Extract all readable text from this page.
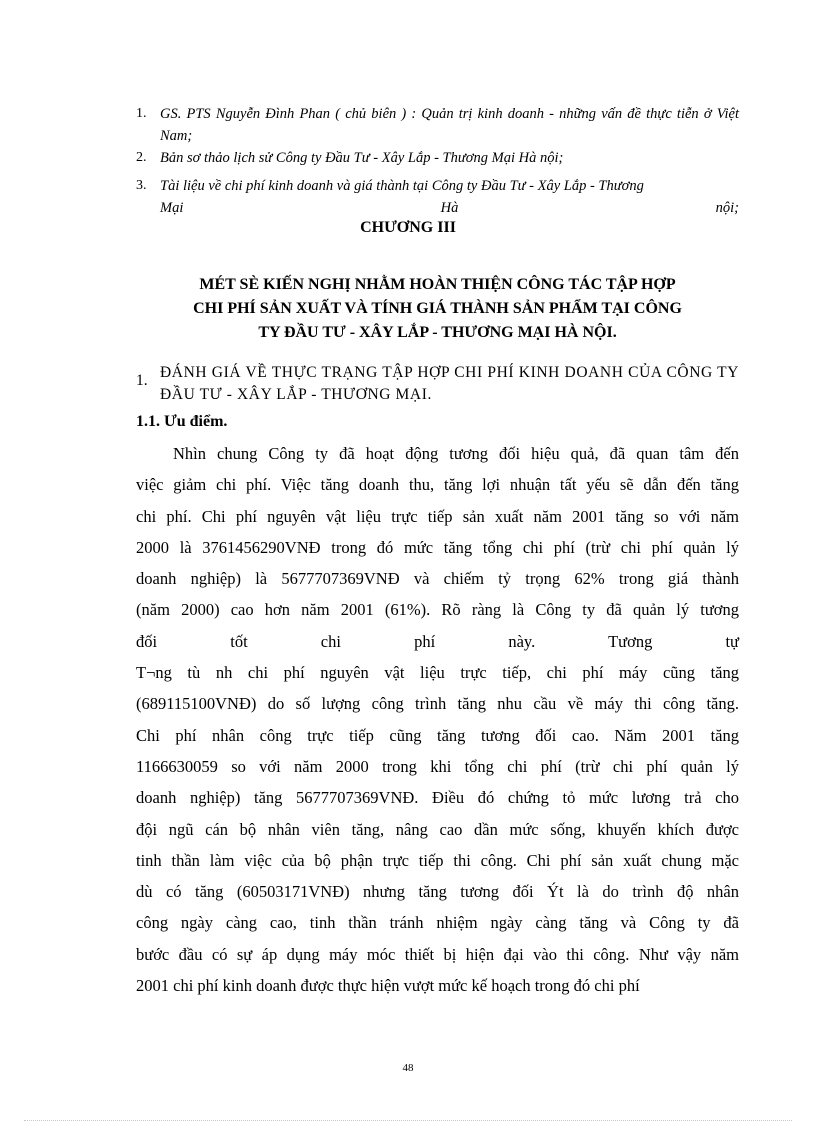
1. GS. PTS Nguyễn Đình Phan ( chủ biên ) : Quản trị kinh doanh - những vấn đề thực tiễn ở Việt Nam;
2. Bản sơ thảo lịch sử Công ty Đầu Tư - Xây Lắp - Thương Mại Hà nội;
3. Tài liệu về chi phí kinh doanh và giá thành tại Công ty Đầu Tư - Xây Lắp - Thương
Mại Hà nội;
CHƯƠNG III
MÉT SÈ KIẾN NGHỊ NHẰM HOÀN THIỆN CÔNG TÁC TẬP HỢP
CHI PHÍ SẢN XUẤT VÀ TÍNH GIÁ THÀNH SẢN PHẨM TẠI CÔNG
TY ĐẦU TƯ - XÂY LẮP - THƯƠNG MẠI HÀ NỘI.
1. ĐÁNH GIÁ VỀ THỰC TRẠNG TẬP HỢP CHI PHÍ KINH DOANH CỦA CÔNG TY ĐẦU TƯ - XÂY LẮP - THƯƠNG MẠI.
1.1. Ưu điểm.
Nhìn chung Công ty đã hoạt động tương đối hiệu quả, đã quan tâm đến
việc giảm chi phí. Việc tăng doanh thu, tăng lợi nhuận tất yếu sẽ dẫn đến tăng
chi phí. Chi phí nguyên vật liệu trực tiếp sản xuất năm 2001 tăng so với năm
2000 là 3761456290VNĐ trong đó mức tăng tổng chi phí (trừ chi phí quản lý
doanh nghiệp) là 5677707369VNĐ và chiếm tỷ trọng 62% trong giá thành
(năm 2000) cao hơn năm 2001 (61%). Rõ ràng là Công ty đã quản lý tương
đối tốt chi phí này. Tương tự
T¬ng tù nh chi phí nguyên vật liệu trực tiếp, chi phí máy cũng tăng
(689115100VNĐ) do số lượng công trình tăng nhu cầu về máy thi công tăng.
Chi phí nhân công trực tiếp cũng tăng tương đối cao. Năm 2001 tăng
1166630059 so với năm 2000 trong khi tổng chi phí (trừ chi phí quản lý
doanh nghiệp) tăng 5677707369VNĐ. Điều đó chứng tỏ mức lương trả cho
đội ngũ cán bộ nhân viên tăng, nâng cao dần mức sống, khuyến khích được
tinh thần làm việc của bộ phận trực tiếp thi công. Chi phí sản xuất chung mặc
dù có tăng (60503171VNĐ) nhưng tăng tương đối Ýt là do trình độ nhân
công ngày càng cao, tinh thần tránh nhiệm ngày càng tăng và Công ty đã
bước đầu có sự áp dụng máy móc thiết bị hiện đại vào thi công. Như vậy năm
2001 chi phí kinh doanh được thực hiện vượt mức kế hoạch trong đó chi phí
48
